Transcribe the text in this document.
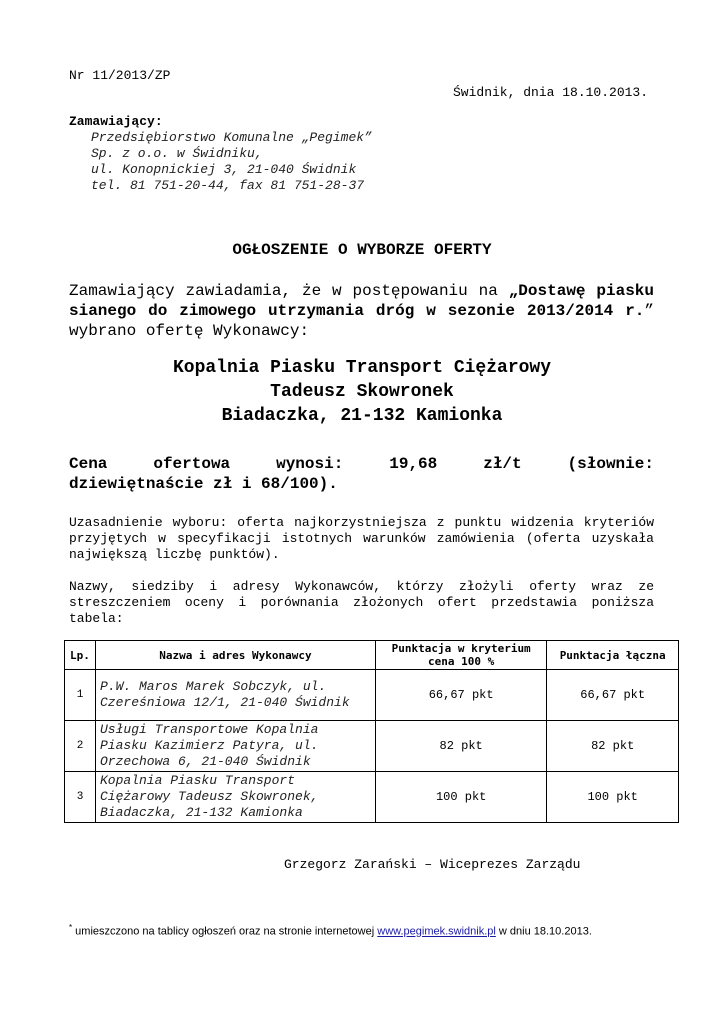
Nr 11/2013/ZP
Świdnik, dnia 18.10.2013.
Zamawiający:
Przedsiębiorstwo Komunalne „Pegimek”
Sp. z o.o. w Świdniku,
ul. Konopnickiej 3, 21-040 Świdnik
tel. 81 751-20-44, fax 81 751-28-37
OGŁOSZENIE O WYBORZE OFERTY
Zamawiający zawiadamia, że w postępowaniu na „Dostawę piasku sianego do zimowego utrzymania dróg w sezonie 2013/2014 r.” wybrano ofertę Wykonawcy:
Kopalnia Piasku Transport Ciężarowy
Tadeusz Skowronek
Biadaczka, 21-132 Kamionka
Cena	ofertowa	wynosi:	19,68	zł/t	(słownie:
dziewiętnaście zł i 68/100).
Uzasadnienie wyboru: oferta najkorzystniejsza z punktu widzenia kryteriów przyjętych w specyfikacji istotnych warunków zamówienia (oferta uzyskała największą liczbę punktów).
Nazwy, siedziby i adresy Wykonawców, którzy złożyli oferty wraz ze streszczeniem oceny i porównania złożonych ofert przedstawia poniższa tabela:
Lp.	Nazwa i adres Wykonawcy	Punktacja w kryterium cena 100 %	Punktacja łączna
1	P.W. Maros Marek Sobczyk, ul. Czereśniowa 12/1, 21-040 Świdnik	66,67 pkt	66,67 pkt
2	Usługi Transportowe Kopalnia Piasku Kazimierz Patyra, ul. Orzechowa 6, 21-040 Świdnik	82 pkt	82 pkt
3	Kopalnia Piasku Transport Ciężarowy Tadeusz Skowronek, Biadaczka, 21-132 Kamionka	100 pkt	100 pkt
Grzegorz Zarański – Wiceprezes Zarządu
* umieszczono na tablicy ogłoszeń oraz na stronie internetowej www.pegimek.swidnik.pl w dniu 18.10.2013.
